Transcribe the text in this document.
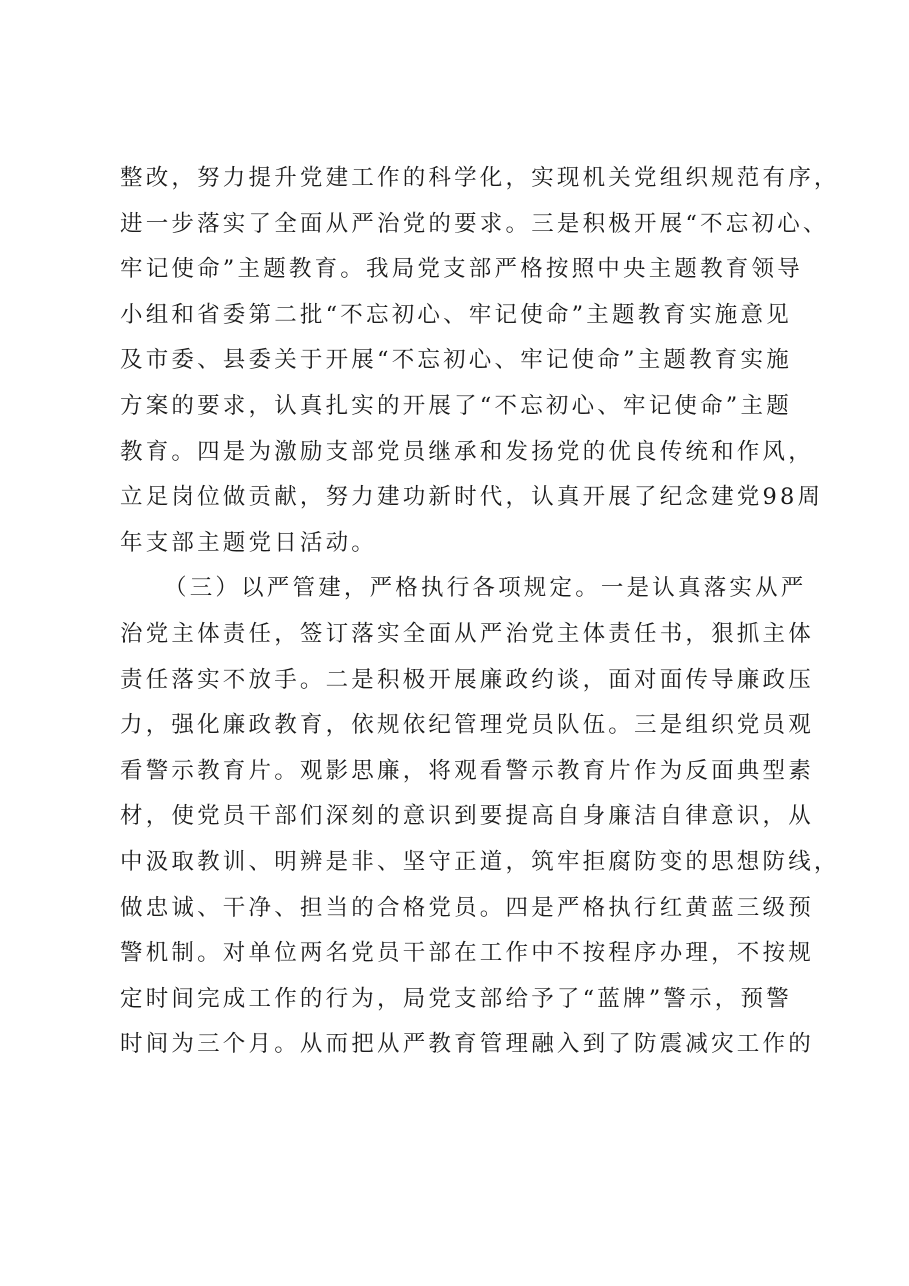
整改，努力提升党建工作的科学化，实现机关党组织规范有序，
进一步落实了全面从严治党的要求。三是积极开展“不忘初心、
牢记使命”主题教育。我局党支部严格按照中央主题教育领导
小组和省委第二批“不忘初心、牢记使命”主题教育实施意见
及市委、县委关于开展“不忘初心、牢记使命”主题教育实施
方案的要求，认真扎实的开展了“不忘初心、牢记使命”主题
教育。四是为激励支部党员继承和发扬党的优良传统和作风，
立足岗位做贡献，努力建功新时代，认真开展了纪念建党98周
年支部主题党日活动。
（三）以严管建，严格执行各项规定。一是认真落实从严
治党主体责任，签订落实全面从严治党主体责任书，狠抓主体
责任落实不放手。二是积极开展廉政约谈，面对面传导廉政压
力，强化廉政教育，依规依纪管理党员队伍。三是组织党员观
看警示教育片。观影思廉，将观看警示教育片作为反面典型素
材，使党员干部们深刻的意识到要提高自身廉洁自律意识，从
中汲取教训、明辨是非、坚守正道，筑牢拒腐防变的思想防线，
做忠诚、干净、担当的合格党员。四是严格执行红黄蓝三级预
警机制。对单位两名党员干部在工作中不按程序办理，不按规
定时间完成工作的行为，局党支部给予了“蓝牌”警示，预警
时间为三个月。从而把从严教育管理融入到了防震减灾工作的
